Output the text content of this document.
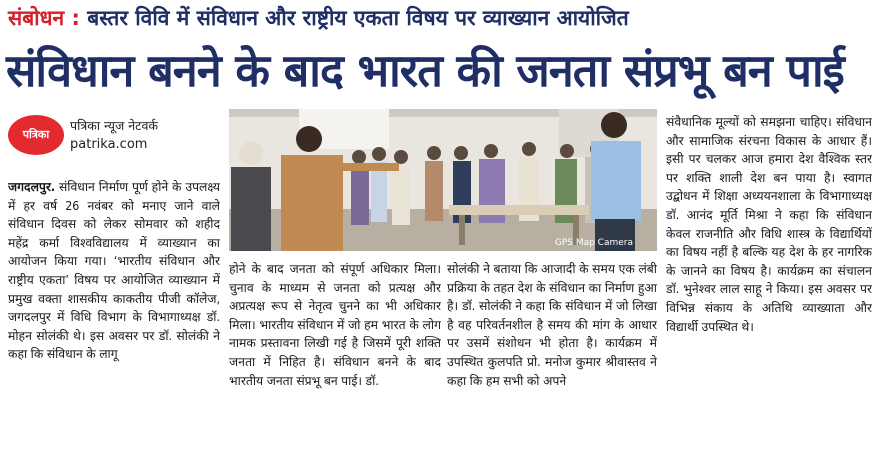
संबोधन : बस्तर विवि में संविधान और राष्ट्रीय एकता विषय पर व्याख्यान आयोजित
संविधान बनने के बाद भारत की जनता संप्रभू बन पाई
पत्रिका
पत्रिका न्यूज नेटवर्क
patrika.com
जगदलपुर. संविधान निर्माण पूर्ण होने के उपलक्ष्य में हर वर्ष 26 नवंबर को मनाए जाने वाले संविधान दिवस को लेकर सोमवार को शहीद महेंद्र कर्मा विश्वविद्यालय में व्याख्यान का आयोजन किया गया। ‘भारतीय संविधान और राष्ट्रीय एकता’ विषय पर आयोजित व्याख्यान में प्रमुख वक्ता शासकीय काकतीय पीजी कॉलेज, जगदलपुर में विधि विभाग के विभागाध्यक्ष डॉ. मोहन सोलंकी थे। इस अवसर पर डॉ. सोलंकी ने कहा कि संविधान के लागू
GPS Map Camera
होने के बाद जनता को संपूर्ण अधिकार मिला। चुनाव के माध्यम से जनता को प्रत्यक्ष और अप्रत्यक्ष रूप से नेतृत्व चुनने का भी अधिकार मिला। भारतीय संविधान में जो हम भारत के लोग नामक प्रस्तावना लिखी गई है जिसमें पूरी शक्ति जनता में निहित है। संविधान बनने के बाद भारतीय जनता संप्रभू बन पाई। डॉ.
सोलंकी ने बताया कि आजादी के समय एक लंबी प्रक्रिया के तहत देश के संविधान का निर्माण हुआ है। डॉ. सोलंकी ने कहा कि संविधान में जो लिखा है वह परिवर्तनशील है समय की मांग के आधार पर उसमें संशोधन भी होता है। कार्यक्रम में उपस्थित कुलपति प्रो. मनोज कुमार श्रीवास्तव ने कहा कि हम सभी को अपने
संवैधानिक मूल्यों को समझना चाहिए। संविधान और सामाजिक संरचना विकास के आधार हैं। इसी पर चलकर आज हमारा देश वैश्विक स्तर पर शक्ति शाली देश बन पाया है। स्वागत उद्बोधन में शिक्षा अध्ययनशाला के विभागाध्यक्ष डॉ. आनंद मूर्ति मिश्रा ने कहा कि संविधान केवल राजनीति और विधि शास्त्र के विद्यार्थियों का विषय नहीं है बल्कि यह देश के हर नागरिक के जानने का विषय है। कार्यक्रम का संचालन डॉ. भुनेश्वर लाल साहू ने किया। इस अवसर पर विभिन्न संकाय के अतिथि व्याख्याता और विद्यार्थी उपस्थित थे।
